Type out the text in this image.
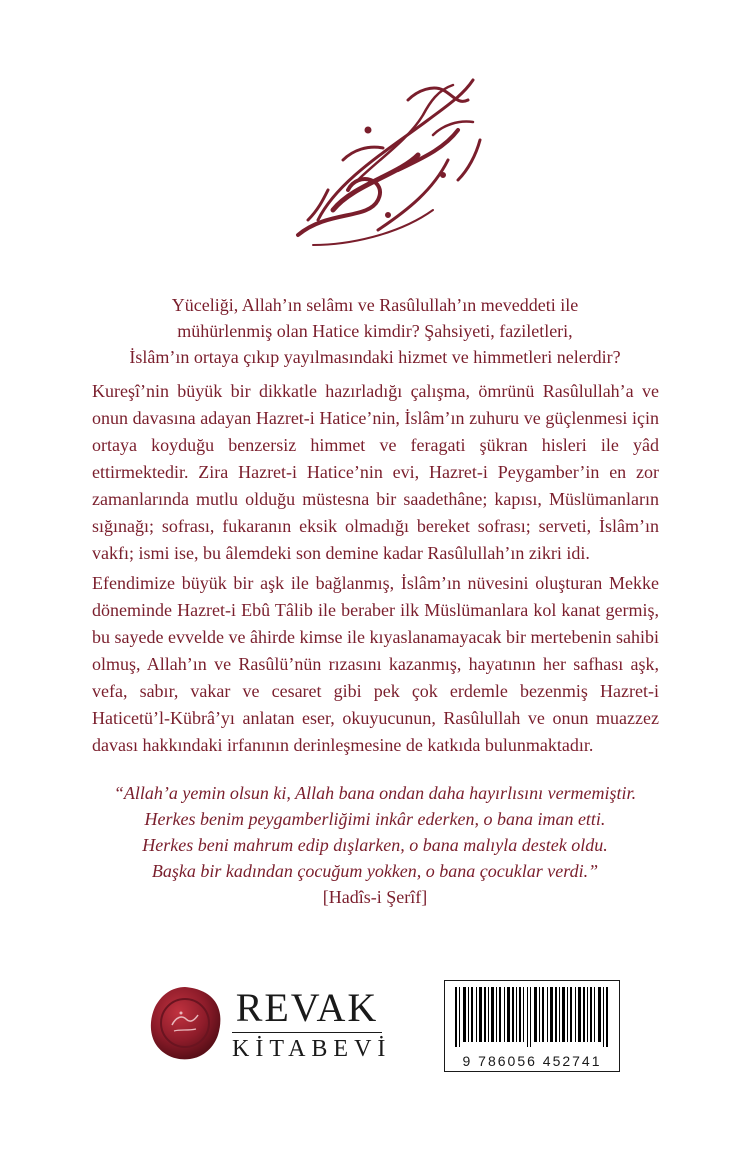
Yüceliği, Allah’ın selâmı ve Rasûlullah’ın meveddeti ile
mühürlenmiş olan Hatice kimdir? Şahsiyeti, faziletleri,
İslâm’ın ortaya çıkıp yayılmasındaki hizmet ve himmetleri nelerdir?

Kureşî’nin büyük bir dikkatle hazırladığı çalışma, ömrünü Rasûlullah’a ve onun davasına adayan Hazret-i Hatice’nin, İslâm’ın zuhuru ve güçlenmesi için ortaya koyduğu benzersiz himmet ve feragati şükran hisleri ile yâd ettirmektedir. Zira Hazret-i Hatice’nin evi, Hazret-i Peygamber’in en zor zamanlarında mutlu olduğu müstesna bir saadethâne; kapısı, Müslümanların sığınağı; sofrası, fukaranın eksik olmadığı bereket sofrası; serveti, İslâm’ın vakfı; ismi ise, bu âlemdeki son demine kadar Rasûlullah’ın zikri idi.

Efendimize büyük bir aşk ile bağlanmış, İslâm’ın nüvesini oluşturan Mekke döneminde Hazret-i Ebû Tâlib ile beraber ilk Müslümanlara kol kanat germiş, bu sayede evvelde ve âhirde kimse ile kıyaslanamayacak bir mertebenin sahibi olmuş, Allah’ın ve Rasûlü’nün rızasını kazanmış, hayatının her safhası aşk, vefa, sabır, vakar ve cesaret gibi pek çok erdemle bezenmiş Hazret-i Haticetü’l-Kübrâ’yı anlatan eser, okuyucunun, Rasûlullah ve onun muazzez davası hakkındaki irfanının derinleşmesine de katkıda bulunmaktadır.

“Allah’a yemin olsun ki, Allah bana ondan daha hayırlısını vermemiştir.
Herkes benim peygamberliğimi inkâr ederken, o bana iman etti.
Herkes beni mahrum edip dışlarken, o bana malıyla destek oldu.
Başka bir kadından çocuğum yokken, o bana çocuklar verdi.”
[Hadîs-i Şerîf]

REVAK
KİTABEVİ	9 786056 452741
